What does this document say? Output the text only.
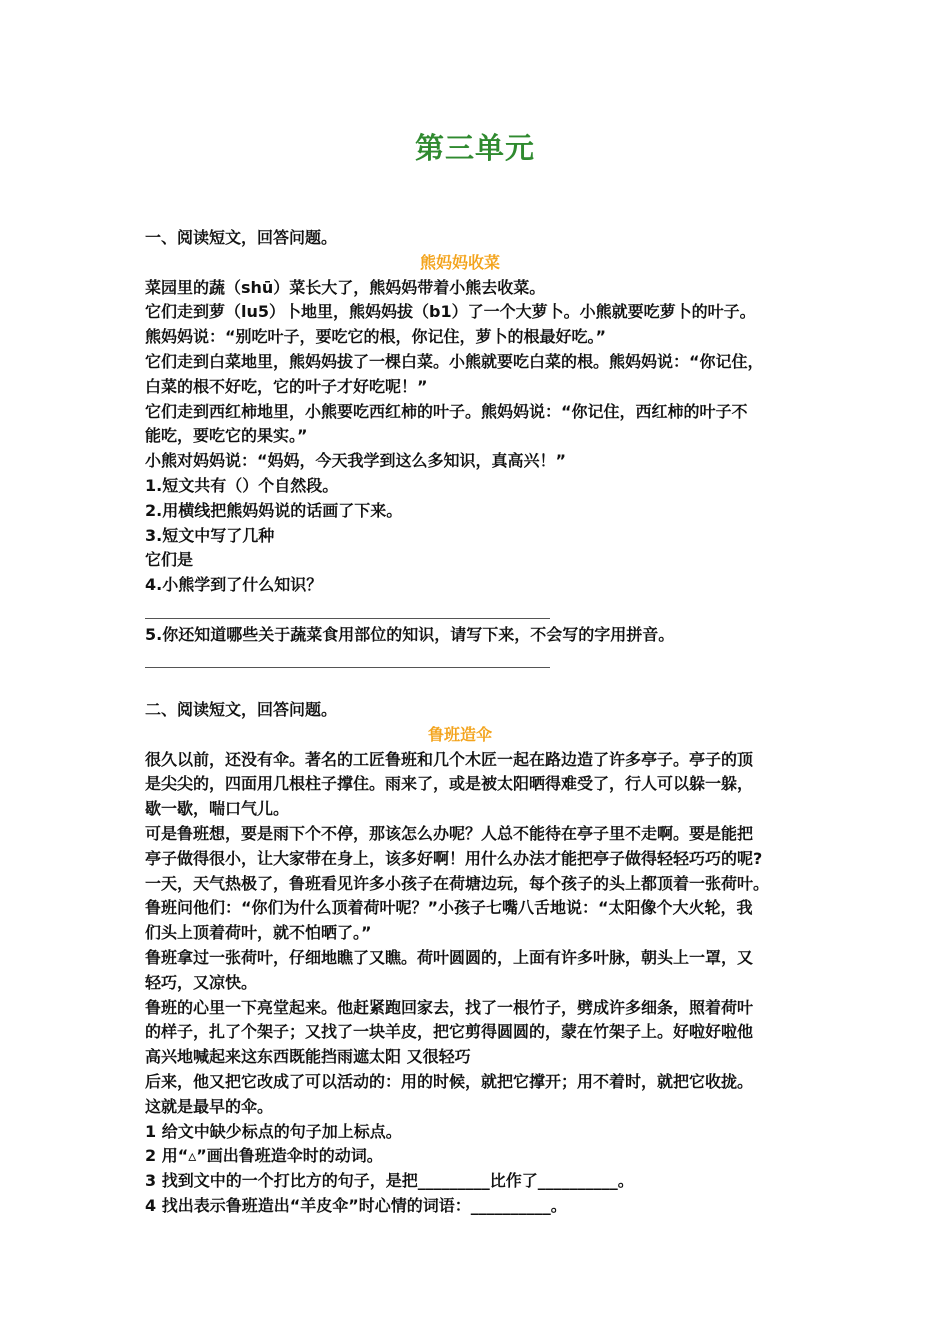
第三单元
一、阅读短文，回答问题。
熊妈妈收菜
菜园里的蔬（shū）菜长大了，熊妈妈带着小熊去收菜。
它们走到萝（lu5）卜地里，熊妈妈拔（b1）了一个大萝卜。小熊就要吃萝卜的叶子。
熊妈妈说：“别吃叶子，要吃它的根，你记住，萝卜的根最好吃。”
它们走到白菜地里，熊妈妈拔了一棵白菜。小熊就要吃白菜的根。熊妈妈说：“你记住，
白菜的根不好吃，它的叶子才好吃呢！”
它们走到西红柿地里，小熊要吃西红柿的叶子。熊妈妈说：“你记住，西红柿的叶子不
能吃，要吃它的果实。”
小熊对妈妈说：“妈妈，今天我学到这么多知识，真高兴！”
1.短文共有（）个自然段。
2.用横线把熊妈妈说的话画了下来。
3.短文中写了几种
它们是
4.小熊学到了什么知识？
5.你还知道哪些关于蔬菜食用部位的知识，请写下来，不会写的字用拼音。
二、阅读短文，回答问题。
鲁班造伞
很久以前，还没有伞。著名的工匠鲁班和几个木匠一起在路边造了许多亭子。亭子的顶
是尖尖的，四面用几根柱子撑住。雨来了，或是被太阳晒得难受了，行人可以躲一躲，
歇一歇，喘口气儿。
可是鲁班想，要是雨下个不停，那该怎么办呢？人总不能待在亭子里不走啊。要是能把
亭子做得很小，让大家带在身上，该多好啊！用什么办法才能把亭子做得轻轻巧巧的呢?
一天，天气热极了，鲁班看见许多小孩子在荷塘边玩，每个孩子的头上都顶着一张荷叶。
鲁班问他们：“你们为什么顶着荷叶呢？”小孩子七嘴八舌地说：“太阳像个大火轮，我
们头上顶着荷叶，就不怕晒了。”
鲁班拿过一张荷叶，仔细地瞧了又瞧。荷叶圆圆的，上面有许多叶脉，朝头上一罩，又
轻巧，又凉快。
鲁班的心里一下亮堂起来。他赶紧跑回家去，找了一根竹子，劈成许多细条，照着荷叶
的样子，扎了个架子；又找了一块羊皮，把它剪得圆圆的，蒙在竹架子上。好啦好啦他
高兴地喊起来这东西既能挡雨遮太阳 又很轻巧
后来，他又把它改成了可以活动的：用的时候，就把它撑开；用不着时，就把它收拢。
这就是最早的伞。
1 给文中缺少标点的句子加上标点。
2 用“▵”画出鲁班造伞时的动词。
3 找到文中的一个打比方的句子，是把_________比作了__________。
4 找出表示鲁班造出“羊皮伞”时心情的词语：__________。
